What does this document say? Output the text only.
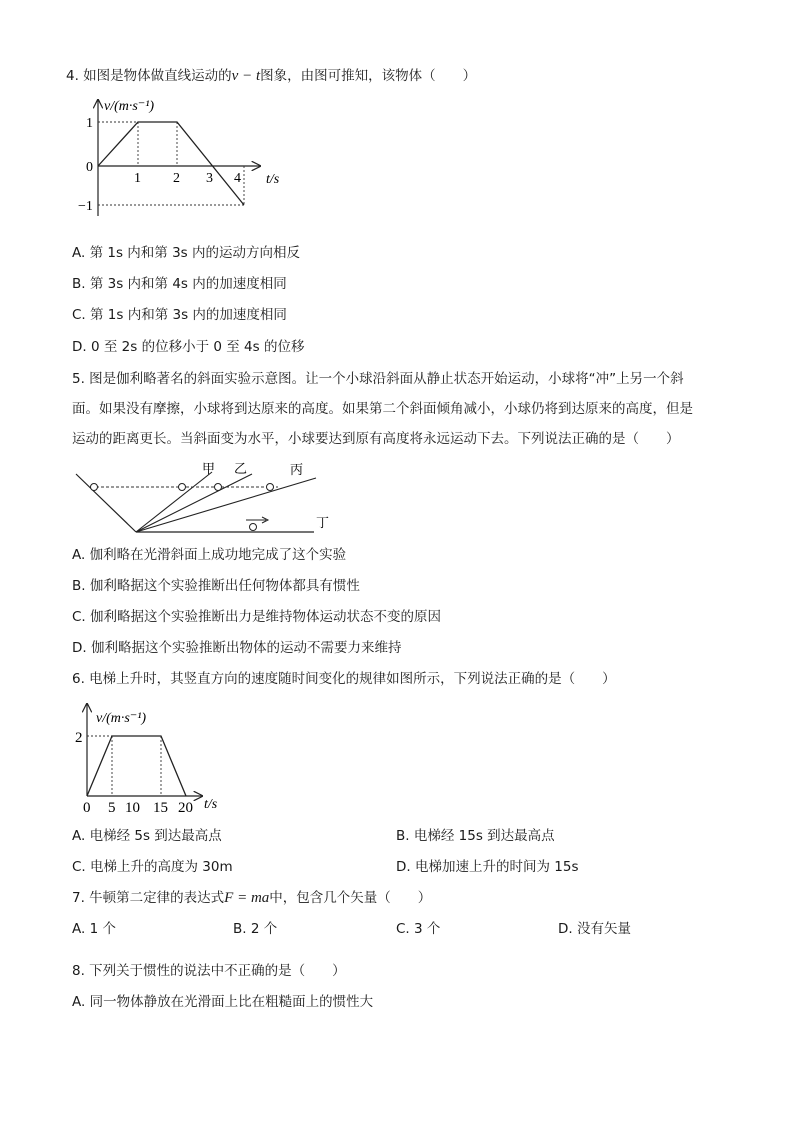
4. 如图是物体做直线运动的v − t图象，由图可推知，该物体（　　）
v/(m·s⁻¹)
1
0
−1
1 2 3 4 t/s
A. 第 1s 内和第 3s 内的运动方向相反
B. 第 3s 内和第 4s 内的加速度相同
C. 第 1s 内和第 3s 内的加速度相同
D. 0 至 2s 的位移小于 0 至 4s 的位移
5. 图是伽利略著名的斜面实验示意图。让一个小球沿斜面从静止状态开始运动，小球将“冲”上另一个斜
面。如果没有摩擦，小球将到达原来的高度。如果第二个斜面倾角减小，小球仍将到达原来的高度，但是
运动的距离更长。当斜面变为水平，小球要达到原有高度将永远运动下去。下列说法正确的是（　　）
甲 乙	丙
丁
A. 伽利略在光滑斜面上成功地完成了这个实验
B. 伽利略据这个实验推断出任何物体都具有惯性
C. 伽利略据这个实验推断出力是维持物体运动状态不变的原因
D. 伽利略据这个实验推断出物体的运动不需要力来维持
6. 电梯上升时，其竖直方向的速度随时间变化的规律如图所示，下列说法正确的是（　　）
v/(m·s⁻¹)
2
0 5 10 15 20 t/s
A. 电梯经 5s 到达最高点	B. 电梯经 15s 到达最高点
C. 电梯上升的高度为 30m	D. 电梯加速上升的时间为 15s
7. 牛顿第二定律的表达式F = ma中，包含几个矢量（　　）
A. 1 个	B. 2 个	C. 3 个	D. 没有矢量
8. 下列关于惯性的说法中不正确的是（　　）
A. 同一物体静放在光滑面上比在粗糙面上的惯性大
